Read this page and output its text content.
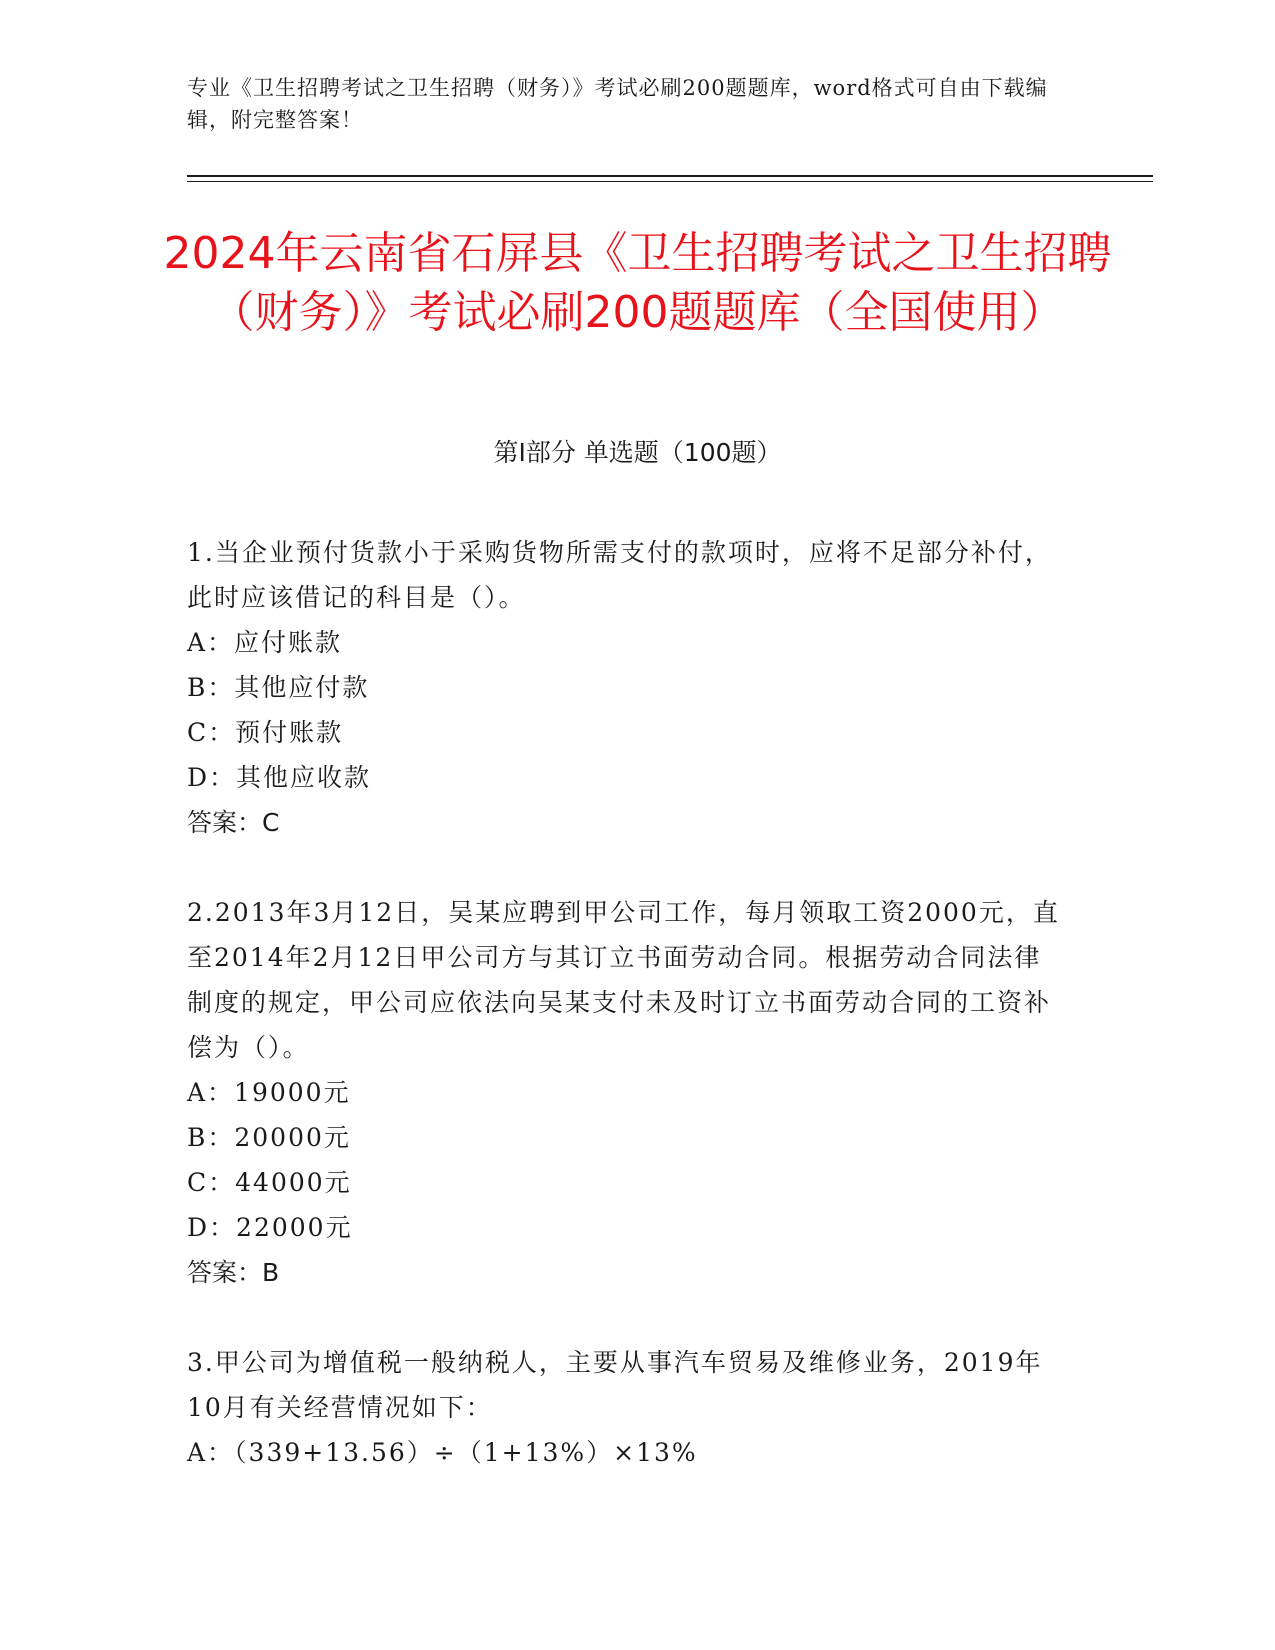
专业《卫生招聘考试之卫生招聘（财务）》考试必刷200题题库，word格式可自由下载编辑，附完整答案！
2024年云南省石屏县《卫生招聘考试之卫生招聘（财务）》考试必刷200题题库（全国使用）
第Ⅰ部分 单选题（100题）

1.当企业预付货款小于采购货物所需支付的款项时，应将不足部分补付，此时应该借记的科目是（）。

A：应付账款

B：其他应付款

C：预付账款

D：其他应收款

答案：C

2.2013年3月12日，吴某应聘到甲公司工作，每月领取工资2000元，直至2014年2月12日甲公司方与其订立书面劳动合同。根据劳动合同法律制度的规定，甲公司应依法向吴某支付未及时订立书面劳动合同的工资补偿为（）。

A：19000元

B：20000元

C：44000元

D：22000元

答案：B

3.甲公司为增值税一般纳税人，主要从事汽车贸易及维修业务，2019年10月有关经营情况如下：

A：（339+13.56）÷（1+13%）×13%
